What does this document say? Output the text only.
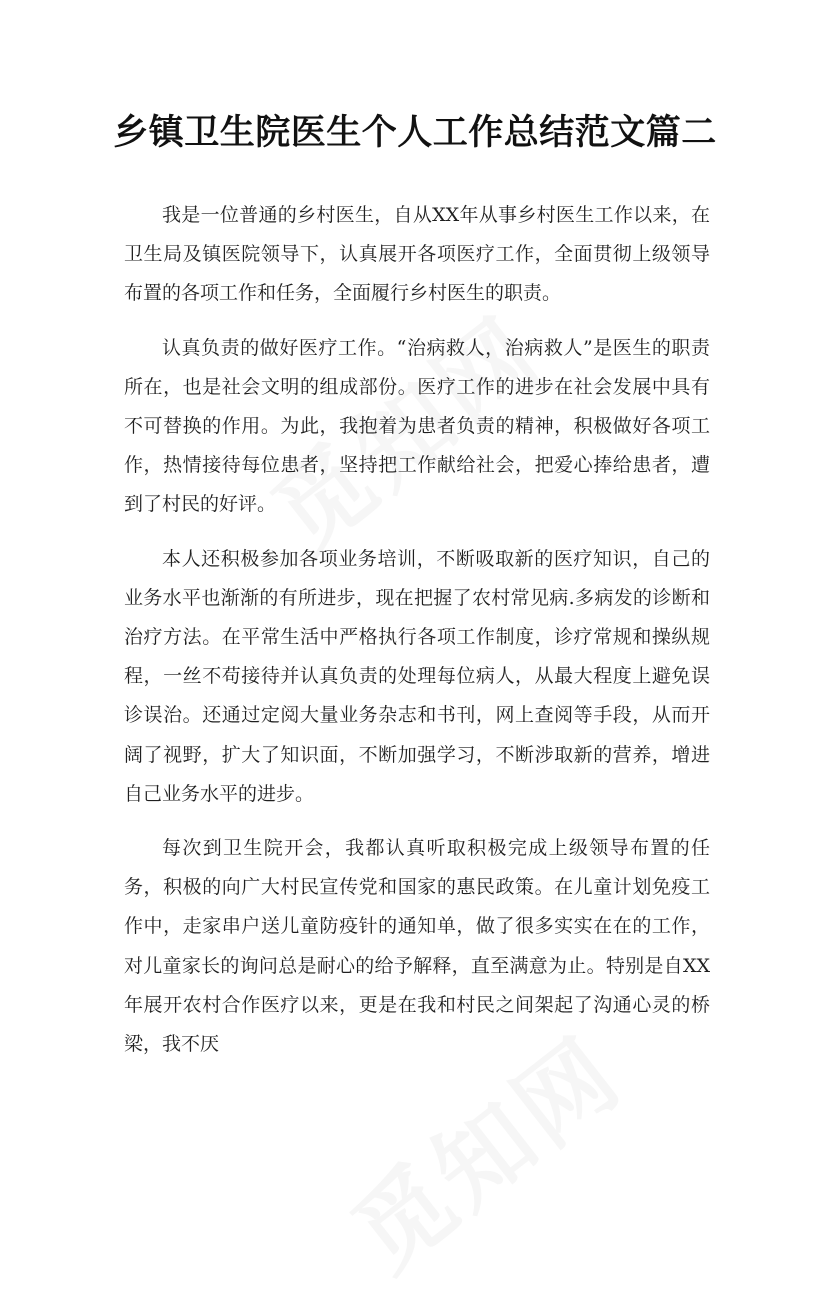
乡镇卫生院医生个人工作总结范文篇二

我是一位普通的乡村医生，自从XX年从事乡村医生工作以来，在卫生局及镇医院领导下，认真展开各项医疗工作，全面贯彻上级领导布置的各项工作和任务，全面履行乡村医生的职责。

认真负责的做好医疗工作。“治病救人，治病救人”是医生的职责所在，也是社会文明的组成部份。医疗工作的进步在社会发展中具有不可替换的作用。为此，我抱着为患者负责的精神，积极做好各项工作，热情接待每位患者，坚持把工作献给社会，把爱心捧给患者，遭到了村民的好评。

本人还积极参加各项业务培训，不断吸取新的医疗知识，自己的业务水平也渐渐的有所进步，现在把握了农村常见病.多病发的诊断和治疗方法。在平常生活中严格执行各项工作制度，诊疗常规和操纵规程，一丝不苟接待并认真负责的处理每位病人，从最大程度上避免误诊误治。还通过定阅大量业务杂志和书刊，网上查阅等手段，从而开阔了视野，扩大了知识面，不断加强学习，不断涉取新的营养，增进自己业务水平的进步。

每次到卫生院开会，我都认真听取积极完成上级领导布置的任务，积极的向广大村民宣传党和国家的惠民政策。在儿童计划免疫工作中，走家串户送儿童防疫针的通知单，做了很多实实在在的工作，对儿童家长的询问总是耐心的给予解释，直至满意为止。特别是自XX年展开农村合作医疗以来，更是在我和村民之间架起了沟通心灵的桥梁，我不厌
